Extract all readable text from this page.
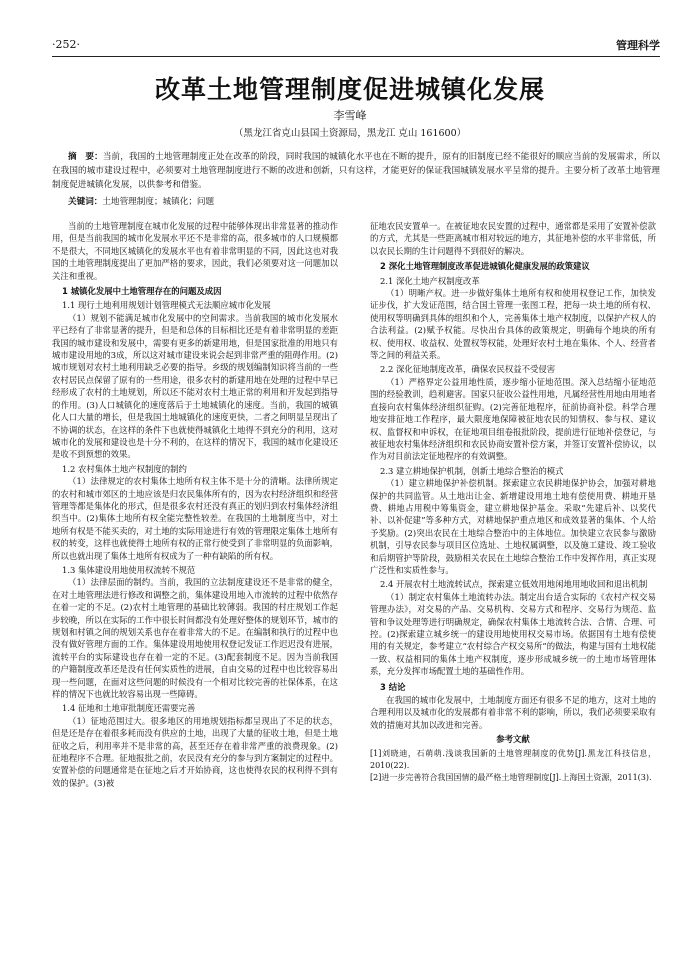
·252·	管理科学
改革土地管理制度促进城镇化发展
李雪峰
（黑龙江省克山县国土资源局，黑龙江 克山 161600）
摘　要：当前，我国的土地管理制度正处在改革的阶段，同时我国的城镇化水平也在不断的提升，原有的旧制度已经不能很好的顺应当前的发展需求，所以在我国的城市建设过程中，必须要对土地管理制度进行不断的改进和创新，只有这样，才能更好的保证我国城镇发展水平呈常的提升。主要分析了改革土地管理制度促进城镇化发展，以供参考和借鉴。
关键词：土地管理制度；城镇化；问题

当前的土地管理制度在城市化发展的过程中能够体现出非常显著的推动作用，但是当前我国的城市化发展水平还不是非常的高，很多城市的人口规模都不是很大，不同地区城镇化的发展水平也有着非常明显的不同，因此这也对我国的土地管理制度提出了更加严格的要求，因此，我们必须要对这一问题加以关注和重视。

1 城镇化发展中土地管理存在的问题及成因

1.1 现行土地利用规划计划管理模式无法顺应城市化发展

（1）规划不能满足城市化发展中的空间需求。当前我国的城市化发展水平已经有了非常显著的提升，但是和总体的目标相比还是有着非常明显的差距我国的城市建设和发展中，需要有更多的新建用地，但是国家批准的用地只有城市建设用地的3成，所以这对城市建设来说会起到非常严重的阻碍作用。(2)城市规划对农村土地利用缺乏必要的指导。乡级的规划编制知识将当前的一些农村居民点保留了原有的一些用途，很多农村的新建用地在处理的过程中早已经形成了农村的土地规划，所以还不能对农村土地正常的利用和开发起到指导的作用。(3)人口城镇化的速度落后于土地城镇化的速度。当前，我国的城镇化人口大量的增长，但是我国土地城镇化的速度更快，二者之间明显呈现出了不协调的状态，在这样的条件下也就使得城镇化土地得不到充分的利用，这对城市化的发展和建设也是十分不利的，在这样的情况下，我国的城市化建设还是收不到预想的效果。

1.2 农村集体土地产权制度的制约

（1）法律规定的农村集体土地所有权主体不是十分的清晰。法律所规定的农村和城市郊区的土地应该是归农民集体所有的，因为农村经济组织和经营管理等都是集体化的形式，但是很多农村还没有真正的划归到农村集体经济组织当中。(2)集体土地所有权全能完整性较差。在我国的土地制度当中，对土地所有权是不能买卖的，对土地的实际用途进行有效的管理限定集体土地所有权的转变，这样也就使得土地所有权的正常行使受到了非常明显的负面影响，所以也就出现了集体土地所有权成为了一种有缺陷的所有权。

1.3 集体建设用地使用权流转不规范

（1）法律层面的制约。当前，我国的立法制度建设还不是非常的健全，在对土地管理法进行修改和调整之前，集体建设用地入市流转的过程中依然存在着一定的不足。(2)农村土地管理的基础比较薄弱。我国的村庄规划工作起步较晚，所以在实际的工作中很长时间都没有处理好整体的规划环节，城市的规划和村镇之间的规划关系也存在着非常大的不足。在编制和执行的过程中也没有做好管理方面的工作。集体建设用地使用权登记发证工作迟迟没有进展，流转平台的实际建设也存在着一定的不足。(3)配套制度不足。因为当前我国的户籍制度改革还是没有任何实质性的进展，自由交易的过程中也比较容易出现一些问题，在面对这些问题的时候没有一个相对比较完善的社保体系，在这样的情况下也就比较容易出现一些障碍。

1.4 征地和土地审批制度还需要完善

（1）征地范围过大。很多地区的用地规划指标都呈现出了不足的状态，但是还是存在着很多耗而没有供应的土地，出现了大量的征收土地，但是土地征收之后，利用率并不是非常的高，甚至还存在着非常严重的浪费现象。(2)征地程序不合理。征地报批之前，农民没有充分的参与到方案制定的过程中。安置补偿的问题通常是在征地之后才开始协商，这也使得农民的权利得不到有效的保护。(3)被

征地农民安置单一。在被征地农民安置的过程中，通常都是采用了安置补偿款的方式，尤其是一些距离城市相对较远的地方，其征地补偿的水平非常低，所以农民长期的生计问题得不到很好的解决。

2 深化土地管理制度改革促进城镇化健康发展的政策建议

2.1 深化土地产权制度改革

（1）明晰产权。进一步做好集体土地所有权和使用权登记工作，加快发证步伐，扩大发证范围，结合国土管理一张图工程，把每一块土地的所有权、使用权等明确到具体的组织和个人，完善集体土地产权制度，以保护产权人的合法利益。(2)赋予权能。尽快出台具体的政策规定，明确每个地块的所有权、使用权、收益权、处置权等权能，处理好农村土地在集体、个人、经营者等之间的利益关系。

2.2 深化征地制度改革，确保农民权益不受侵害

（1）严格界定公益用地性质，逐步缩小征地范围。深入总结缩小征地范围的经验教训，趋利避害。国家只征收公益性用地，凡属经营性用地由用地者直接向农村集体经济组织征购。(2)完善征地程序，征前协商补偿。科学合理地安排征地工作程序，最大限度地保障被征地农民的知情权、参与权、建议权、监督权和申诉权，在征地项目组卷报批阶段，提前进行征地补偿登记，与被征地农村集体经济组织和农民协商安置补偿方案，并签订安置补偿协议，以作为对目前法定征地程序的有效调整。

2.3 建立耕地保护机制，创新土地综合整治的模式

（1）建立耕地保护补偿机制。探索建立农民耕地保护协会，加强对耕地保护的共同监管。从土地出让金、新增建设用地土地有偿使用费、耕地开垦费、耕地占用税中筹集资金，建立耕地保护基金。采取“先建后补、以奖代补、以补促建”等多种方式，对耕地保护重点地区和成效显著的集体、个人给予奖励。(2)突出农民在土地综合整治中的主体地位。加快建立农民参与激励机制，引导农民参与项目区位选址、土地权属调整，以及施工建设、竣工验收和后期管护等阶段，鼓励相关农民在土地综合整治工作中发挥作用，真正实现广泛性和实质性参与。

2.4 开展农村土地流转试点，探索建立低效用地闲地用地收回和退出机制

（1）制定农村集体土地流转办法。制定出台适合实际的《农村产权交易管理办法》，对交易的产品、交易机构、交易方式和程序、交易行为规范、监管和争议处理等进行明确规定，确保农村集体土地流转合法、合情、合理、可控。(2)探索建立城乡统一的建设用地使用权交易市场。依据国有土地有偿使用的有关规定，参考建立“农村综合产权交易所”的做法，构建与国有土地权能一致、权益相同的集体土地产权制度，逐步形成城乡统一的土地市场管理体系，充分发挥市场配置土地的基础性作用。

3 结论

在我国的城市化发展中，土地制度方面还有很多不足的地方，这对土地的合理利用以及城市化的发展都有着非常不利的影响，所以，我们必须要采取有效的措施对其加以改进和完善。

参考文献

[1]刘晓迪，石萌萌.浅谈我国新的土地管理制度的优势[J].黑龙江科技信息，2010(22).

[2]进一步完善符合我国国情的最严格土地管理制度[J].上海国土资源，2011(3).
